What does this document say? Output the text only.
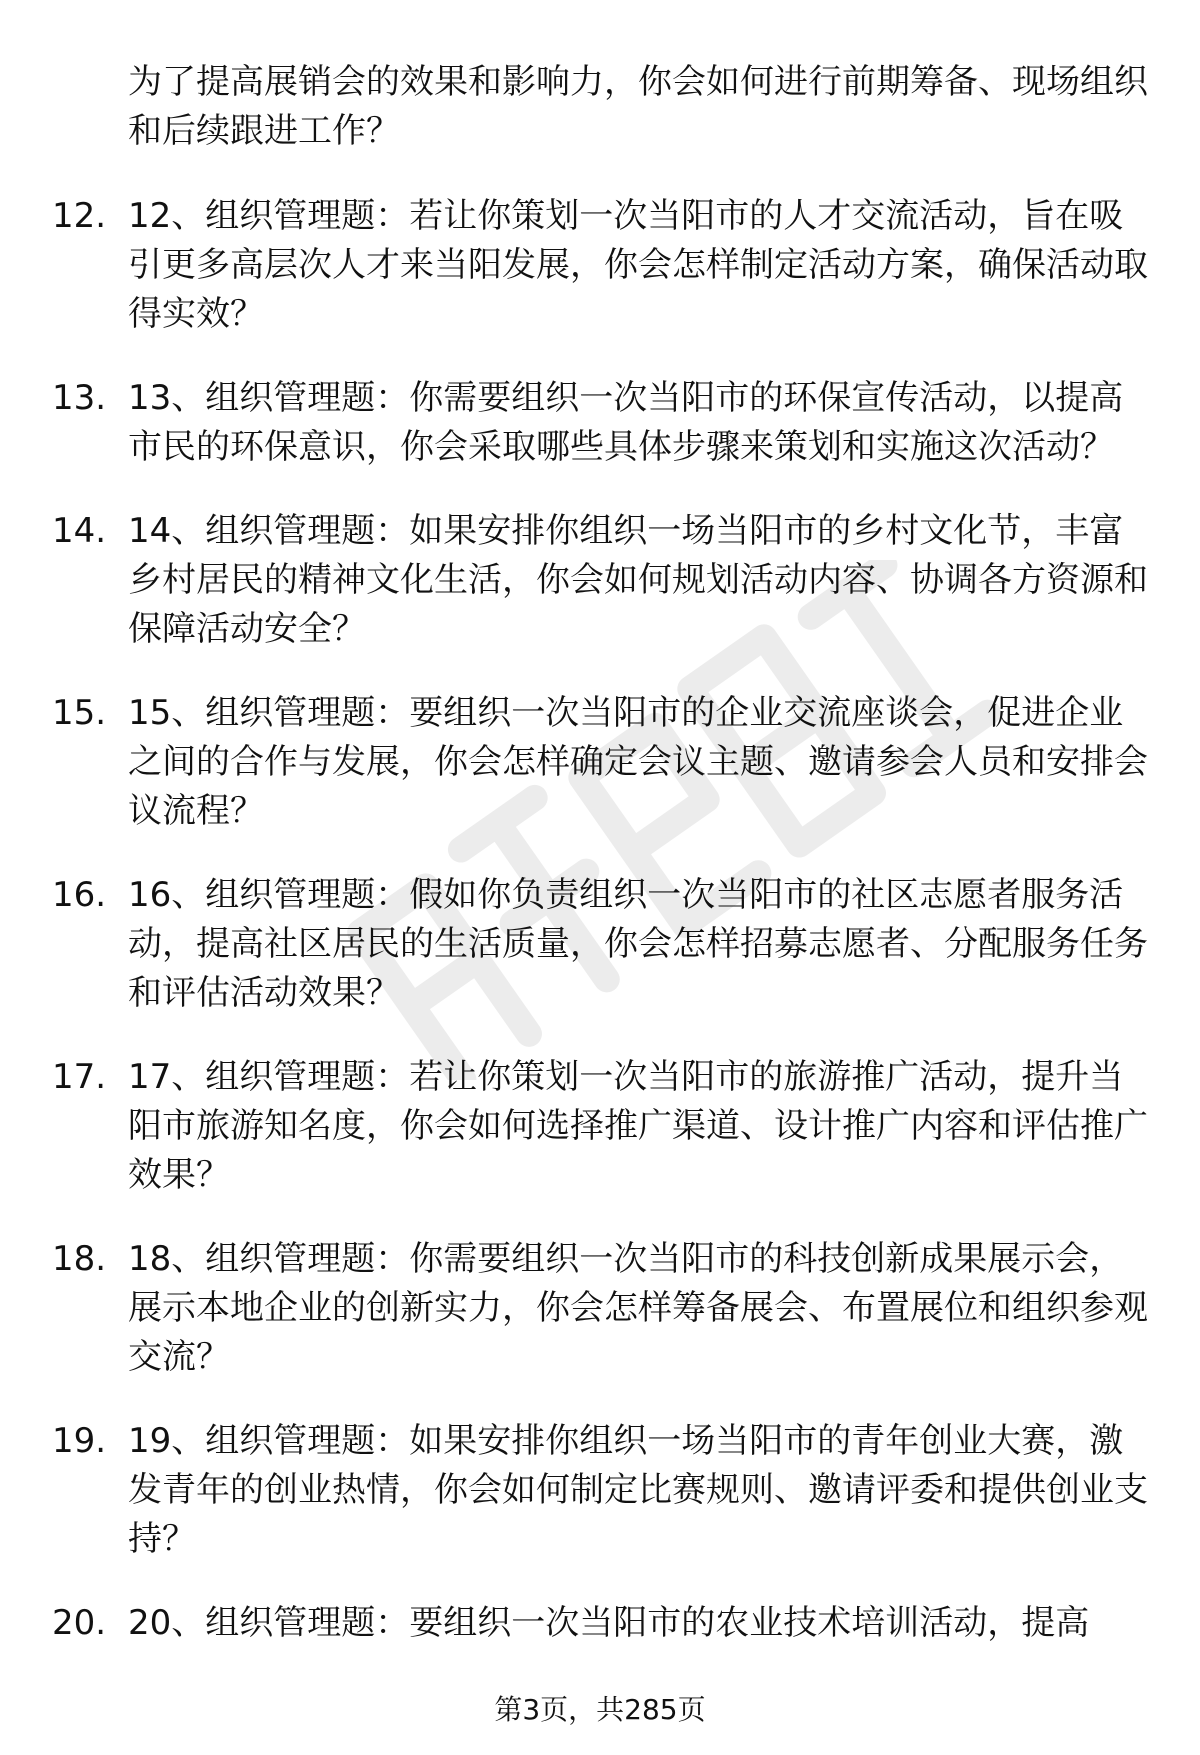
为了提高展销会的效果和影响力，你会如何进行前期筹备、现场组织和后续跟进工作？
12. 12、组织管理题：若让你策划一次当阳市的人才交流活动，旨在吸引更多高层次人才来当阳发展，你会怎样制定活动方案，确保活动取得实效？
13. 13、组织管理题：你需要组织一次当阳市的环保宣传活动，以提高市民的环保意识，你会采取哪些具体步骤来策划和实施这次活动？
14. 14、组织管理题：如果安排你组织一场当阳市的乡村文化节，丰富乡村居民的精神文化生活，你会如何规划活动内容、协调各方资源和保障活动安全？
15. 15、组织管理题：要组织一次当阳市的企业交流座谈会，促进企业之间的合作与发展，你会怎样确定会议主题、邀请参会人员和安排会议流程？
16. 16、组织管理题：假如你负责组织一次当阳市的社区志愿者服务活动，提高社区居民的生活质量，你会怎样招募志愿者、分配服务任务和评估活动效果？
17. 17、组织管理题：若让你策划一次当阳市的旅游推广活动，提升当阳市旅游知名度，你会如何选择推广渠道、设计推广内容和评估推广效果？
18. 18、组织管理题：你需要组织一次当阳市的科技创新成果展示会，展示本地企业的创新实力，你会怎样筹备展会、布置展位和组织参观交流？
19. 19、组织管理题：如果安排你组织一场当阳市的青年创业大赛，激发青年的创业热情，你会如何制定比赛规则、邀请评委和提供创业支持？
20. 20、组织管理题：要组织一次当阳市的农业技术培训活动，提高
第3页，共285页
